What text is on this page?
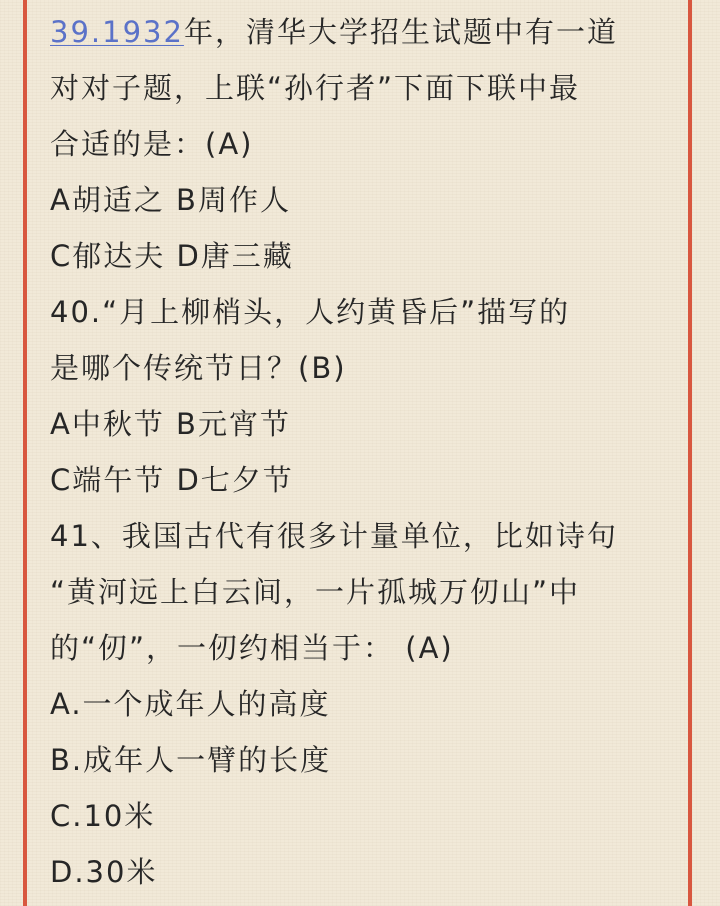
39.1932年，清华大学招生试题中有一道
对对子题，上联“孙行者”下面下联中最
合适的是：(A)
A胡适之 B周作人
C郁达夫 D唐三藏
40.“月上柳梢头，人约黄昏后”描写的
是哪个传统节日？(B)
A中秋节 B元宵节
C端午节 D七夕节
41、我国古代有很多计量单位，比如诗句
“黄河远上白云间，一片孤城万仞山”中
的“仞”，一仞约相当于： (A)
A.一个成年人的高度
B.成年人一臂的长度
C.10米
D.30米
